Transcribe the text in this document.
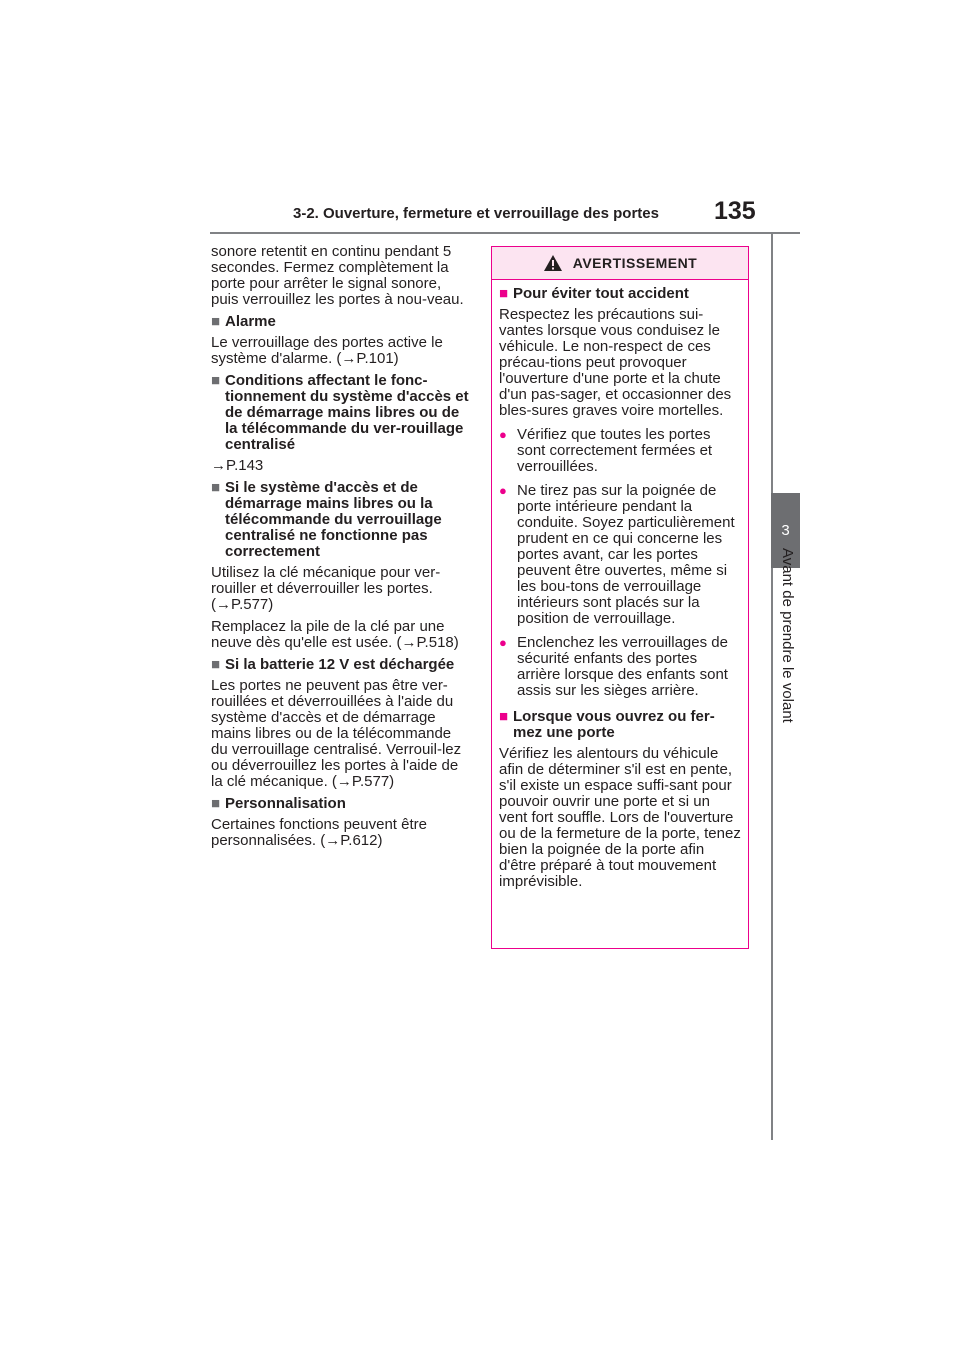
3-2. Ouverture, fermeture et verrouillage des portes 135
3
Avant de prendre le volant

sonore retentit en continu pendant 5 secondes. Fermez complètement la porte pour arrêter le signal sonore, puis verrouillez les portes à nou-veau.

■ Alarme

Le verrouillage des portes active le système d'alarme. (→P.101)

■ Conditions affectant le fonc-tionnement du système d'accès et de démarrage mains libres ou de la télécommande du ver-rouillage centralisé

→P.143

■ Si le système d'accès et de démarrage mains libres ou la télécommande du verrouillage centralisé ne fonctionne pas correctement

Utilisez la clé mécanique pour ver-rouiller et déverrouiller les portes. (→P.577)

Remplacez la pile de la clé par une neuve dès qu'elle est usée. (→P.518)

■ Si la batterie 12 V est déchargée

Les portes ne peuvent pas être ver-rouillées et déverrouillées à l'aide du système d'accès et de démarrage mains libres ou de la télécommande du verrouillage centralisé. Verrouil-lez ou déverrouillez les portes à l'aide de la clé mécanique. (→P.577)

■ Personnalisation

Certaines fonctions peuvent être personnalisées. (→P.612)

AVERTISSEMENT
■ Pour éviter tout accident

Respectez les précautions sui-vantes lorsque vous conduisez le véhicule. Le non-respect de ces précau-tions peut provoquer l'ouverture d'une porte et la chute d'un pas-sager, et occasionner des bles-sures graves voire mortelles.

● Vérifiez que toutes les portes sont correctement fermées et verrouillées.
● Ne tirez pas sur la poignée de porte intérieure pendant la conduite. Soyez particulièrement prudent en ce qui concerne les portes avant, car les portes peuvent être ouvertes, même si les bou-tons de verrouillage intérieurs sont placés sur la position de verrouillage.
● Enclenchez les verrouillages de sécurité enfants des portes arrière lorsque des enfants sont assis sur les sièges arrière.
■ Lorsque vous ouvrez ou fer-mez une porte

Vérifiez les alentours du véhicule afin de déterminer s'il est en pente, s'il existe un espace suffi-sant pour pouvoir ouvrir une porte et si un vent fort souffle. Lors de l'ouverture ou de la fermeture de la porte, tenez bien la poignée de la porte afin d'être préparé à tout mouvement imprévisible.
